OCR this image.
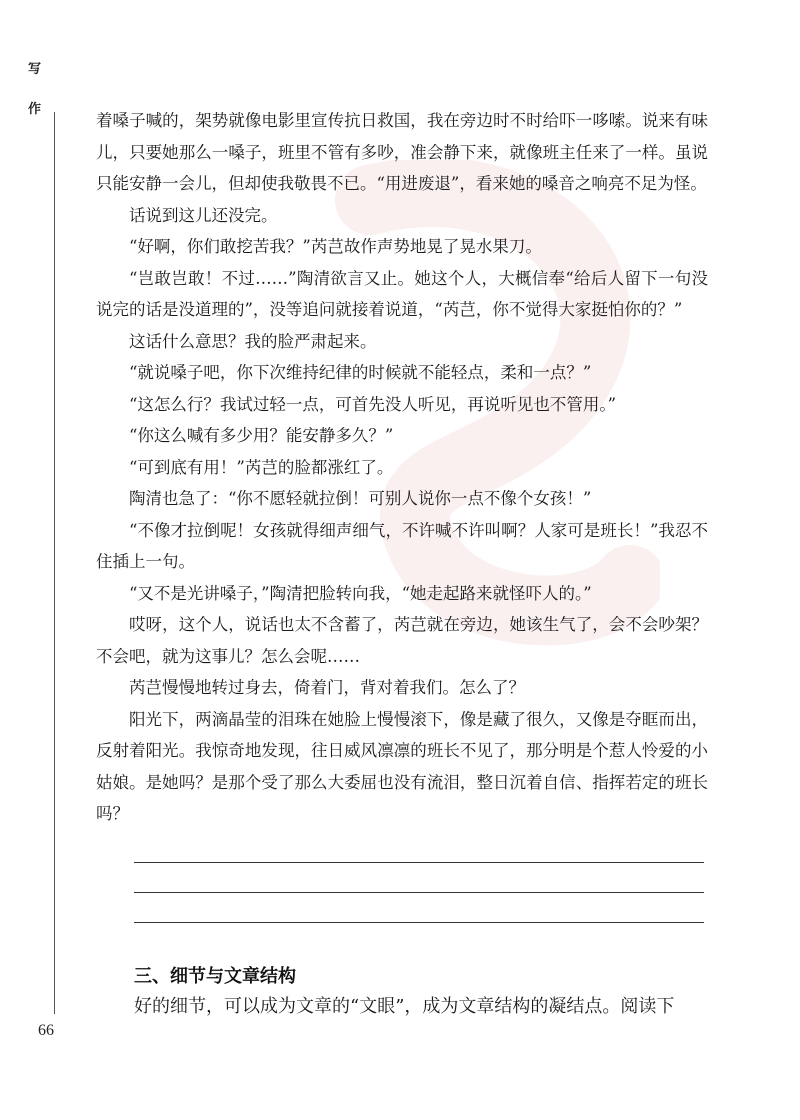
写
作
66

着嗓子喊的，架势就像电影里宣传抗日救国，我在旁边时不时给吓一哆嗦。说来有味儿，只要她那么一嗓子，班里不管有多吵，准会静下来，就像班主任来了一样。虽说只能安静一会儿，但却使我敬畏不已。“用进废退”，看来她的嗓音之响亮不足为怪。

话说到这儿还没完。

“好啊，你们敢挖苦我？”芮芑故作声势地晃了晃水果刀。

“岂敢岂敢！不过……”陶清欲言又止。她这个人，大概信奉“给后人留下一句没说完的话是没道理的”，没等追问就接着说道，“芮芑，你不觉得大家挺怕你的？”

这话什么意思？我的脸严肃起来。

“就说嗓子吧，你下次维持纪律的时候就不能轻点，柔和一点？”

“这怎么行？我试过轻一点，可首先没人听见，再说听见也不管用。”

“你这么喊有多少用？能安静多久？”

“可到底有用！”芮芑的脸都涨红了。

陶清也急了：“你不愿轻就拉倒！可别人说你一点不像个女孩！”

“不像才拉倒呢！女孩就得细声细气，不许喊不许叫啊？人家可是班长！”我忍不住插上一句。

“又不是光讲嗓子，”陶清把脸转向我，“她走起路来就怪吓人的。”

哎呀，这个人，说话也太不含蓄了，芮芑就在旁边，她该生气了，会不会吵架？不会吧，就为这事儿？怎么会呢……

芮芑慢慢地转过身去，倚着门，背对着我们。怎么了？

阳光下，两滴晶莹的泪珠在她脸上慢慢滚下，像是藏了很久，又像是夺眶而出，反射着阳光。我惊奇地发现，往日威风凛凛的班长不见了，那分明是个惹人怜爱的小姑娘。是她吗？是那个受了那么大委屈也没有流泪，整日沉着自信、指挥若定的班长吗？

三、细节与文章结构
好的细节，可以成为文章的“文眼”，成为文章结构的凝结点。阅读下
